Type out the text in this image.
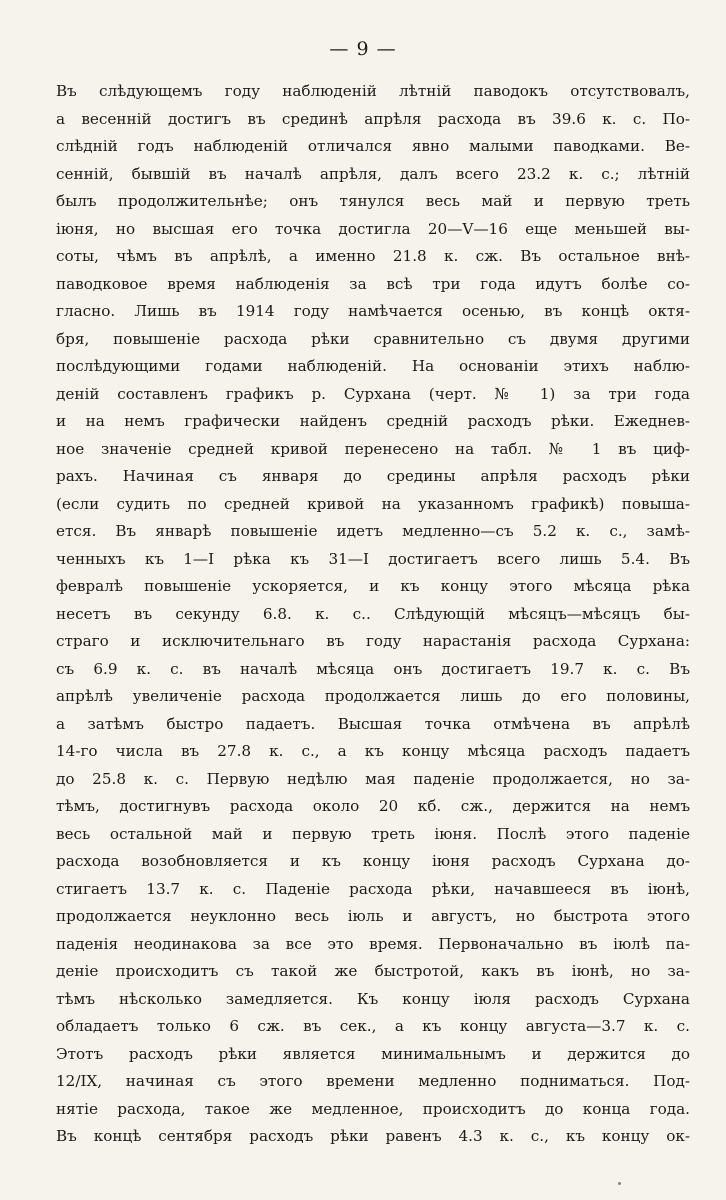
— 9 —
Въ слѣдующемъ году наблюденій лѣтній паводокъ отсутствовалъ,
а весенній достигъ въ срединѣ апрѣля расхода въ 39.6 к. с. По-
слѣдній годъ наблюденій отличался явно малыми паводками. Ве-
сенній, бывшій въ началѣ апрѣля, далъ всего 23.2 к. с.; лѣтній
былъ продолжительнѣе; онъ тянулся весь май и первую треть
іюня, но высшая его точка достигла 20—V—16 еще меньшей вы-
соты, чѣмъ въ апрѣлѣ, а именно 21.8 к. сж. Въ остальное внѣ-
паводковое время наблюденія за всѣ три года идутъ болѣе со-
гласно. Лишь въ 1914 году намѣчается осенью, въ концѣ октя-
бря, повышеніе расхода рѣки сравнительно съ двумя другими
послѣдующими годами наблюденій. На основаніи этихъ наблю-
деній составленъ графикъ р. Сурхана (черт. № 1) за три года
и на немъ графически найденъ средній расходъ рѣки. Ежеднев-
ное значеніе средней кривой перенесено на табл. № 1 въ циф-
рахъ. Начиная съ января до средины апрѣля расходъ рѣки
(если судить по средней кривой на указанномъ графикѣ) повыша-
ется. Въ январѣ повышеніе идетъ медленно—съ 5.2 к. с., замѣ-
ченныхъ къ 1—I рѣка къ 31—I достигаетъ всего лишь 5.4. Въ
февралѣ повышеніе ускоряется, и къ концу этого мѣсяца рѣка
несетъ въ секунду 6.8. к. с.. Слѣдующій мѣсяцъ—мѣсяцъ бы-
страго и исключительнаго въ году нарастанія расхода Сурхана:
съ 6.9 к. с. въ началѣ мѣсяца онъ достигаетъ 19.7 к. с. Въ
апрѣлѣ увеличеніе расхода продолжается лишь до его половины,
а затѣмъ быстро падаетъ. Высшая точка отмѣчена въ апрѣлѣ
14-го числа въ 27.8 к. с., а къ концу мѣсяца расходъ падаетъ
до 25.8 к. с. Первую недѣлю мая паденіе продолжается, но за-
тѣмъ, достигнувъ расхода около 20 кб. сж., держится на немъ
весь остальной май и первую треть іюня. Послѣ этого паденіе
расхода возобновляется и къ концу іюня расходъ Сурхана до-
стигаетъ 13.7 к. с. Паденіе расхода рѣки, начавшееся въ іюнѣ,
продолжается неуклонно весь іюль и августъ, но быстрота этого
паденія неодинакова за все это время. Первоначально въ іюлѣ па-
деніе происходитъ съ такой же быстротой, какъ въ іюнѣ, но за-
тѣмъ нѣсколько замедляется. Къ концу іюля расходъ Сурхана
обладаетъ только 6 сж. въ сек., а къ концу августа—3.7 к. с.
Этотъ расходъ рѣки является минимальнымъ и держится до
12/IX, начиная съ этого времени медленно подниматься. Под-
нятіе расхода, такое же медленное, происходитъ до конца года.
Въ концѣ сентября расходъ рѣки равенъ 4.3 к. с., къ концу ок-
